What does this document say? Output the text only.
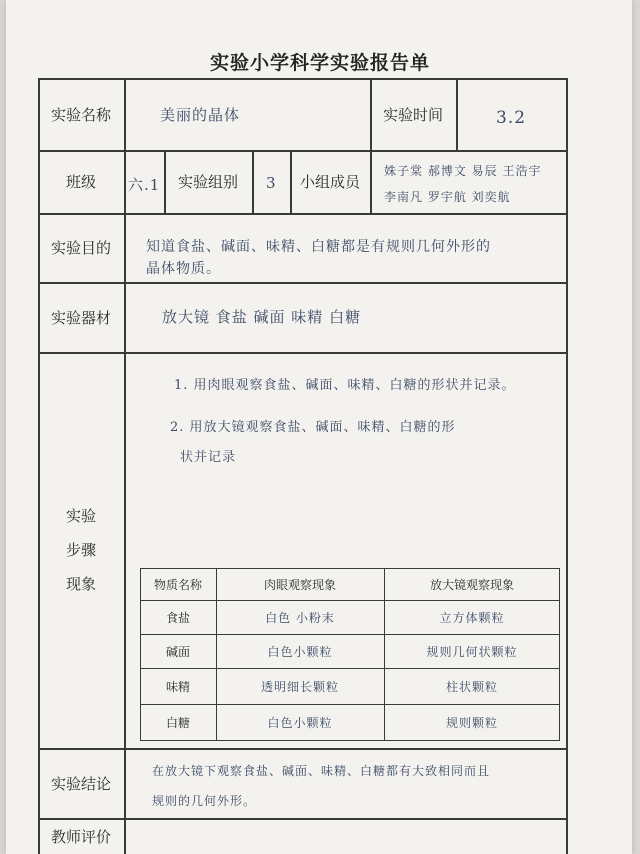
实验小学科学实验报告单
实验名称	美丽的晶体	实验时间	3.2
班级	六.1	实验组别	3	小组成员
姝子棠 郝博文 易辰 王浩宇
李南凡 罗宇航 刘奕航
实验目的	知道食盐、碱面、味精、白糖都是有规则几何外形的
晶体物质。
实验器材	放大镜 食盐 碱面 味精 白糖
实验
步骤
现象
1. 用肉眼观察食盐、碱面、味精、白糖的形状并记录。
2. 用放大镜观察食盐、碱面、味精、白糖的形
状并记录
物质名称	肉眼观察现象	放大镜观察现象
食盐	白色 小粉末	立方体颗粒
碱面	白色小颗粒	规则几何状颗粒
味精	透明细长颗粒	柱状颗粒
白糖	白色小颗粒	规则颗粒
实验结论
在放大镜下观察食盐、碱面、味精、白糖都有大致相同而且
规则的几何外形。
教师评价
